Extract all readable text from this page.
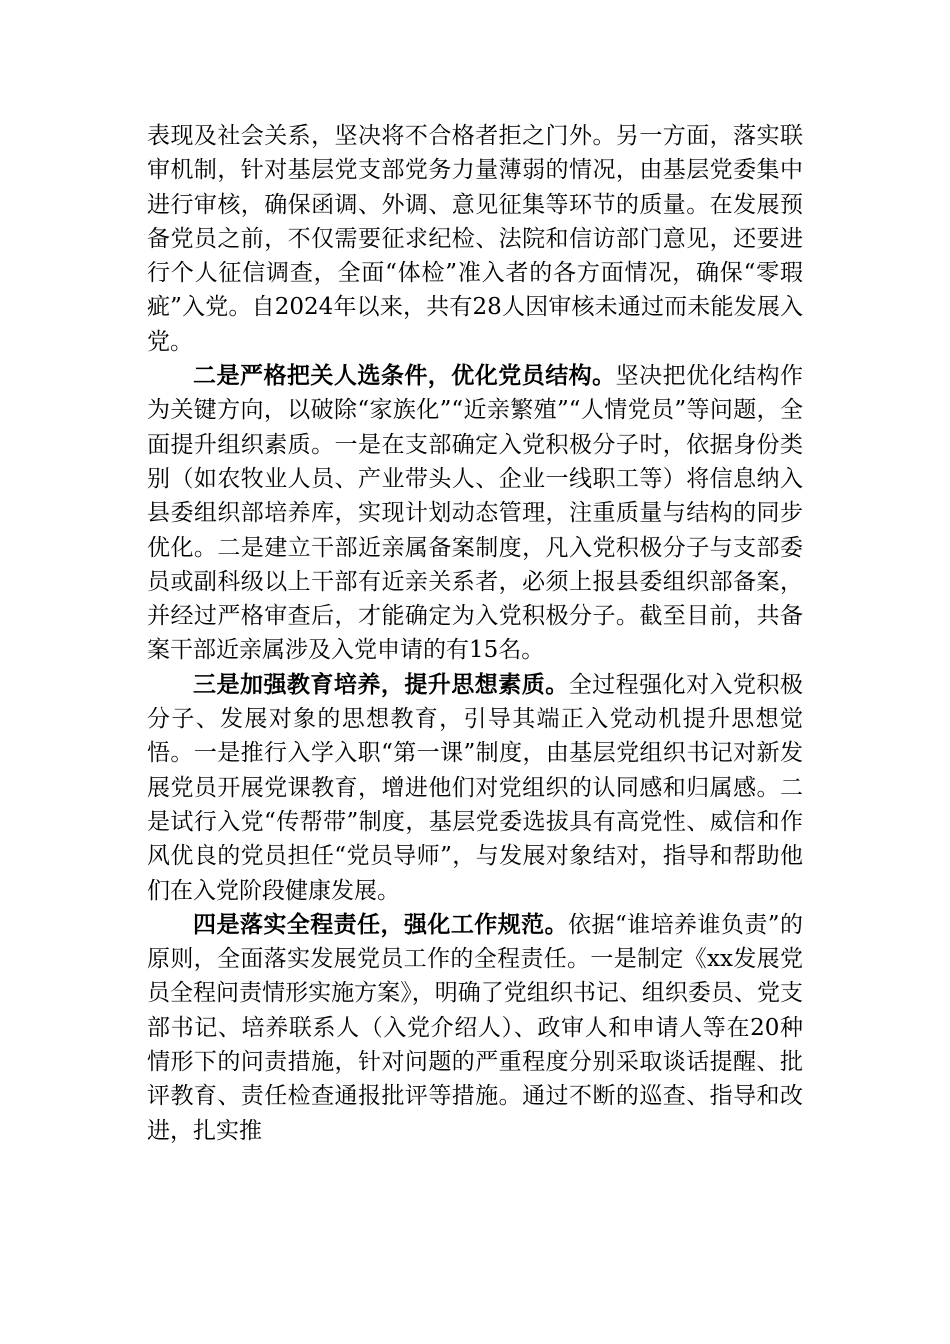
表现及社会关系，坚决将不合格者拒之门外。另一方面，落实联审机制，针对基层党支部党务力量薄弱的情况，由基层党委集中进行审核，确保函调、外调、意见征集等环节的质量。在发展预备党员之前，不仅需要征求纪检、法院和信访部门意见，还要进行个人征信调查，全面“体检”准入者的各方面情况，确保“零瑕疵”入党。自2024年以来，共有28人因审核未通过而未能发展入党。

二是严格把关人选条件，优化党员结构。坚决把优化结构作为关键方向，以破除“家族化”“近亲繁殖”“人情党员”等问题，全面提升组织素质。一是在支部确定入党积极分子时，依据身份类别（如农牧业人员、产业带头人、企业一线职工等）将信息纳入县委组织部培养库，实现计划动态管理，注重质量与结构的同步优化。二是建立干部近亲属备案制度，凡入党积极分子与支部委员或副科级以上干部有近亲关系者，必须上报县委组织部备案，并经过严格审查后，才能确定为入党积极分子。截至目前，共备案干部近亲属涉及入党申请的有15名。

三是加强教育培养，提升思想素质。全过程强化对入党积极分子、发展对象的思想教育，引导其端正入党动机提升思想觉悟。一是推行入学入职“第一课”制度，由基层党组织书记对新发展党员开展党课教育，增进他们对党组织的认同感和归属感。二是试行入党“传帮带”制度，基层党委选拔具有高党性、威信和作风优良的党员担任“党员导师”，与发展对象结对，指导和帮助他们在入党阶段健康发展。

四是落实全程责任，强化工作规范。依据“谁培养谁负责”的原则，全面落实发展党员工作的全程责任。一是制定《xx发展党员全程问责情形实施方案》，明确了党组织书记、组织委员、党支部书记、培养联系人（入党介绍人）、政审人和申请人等在20种情形下的问责措施，针对问题的严重程度分别采取谈话提醒、批评教育、责任检查通报批评等措施。通过不断的巡查、指导和改进，扎实推
